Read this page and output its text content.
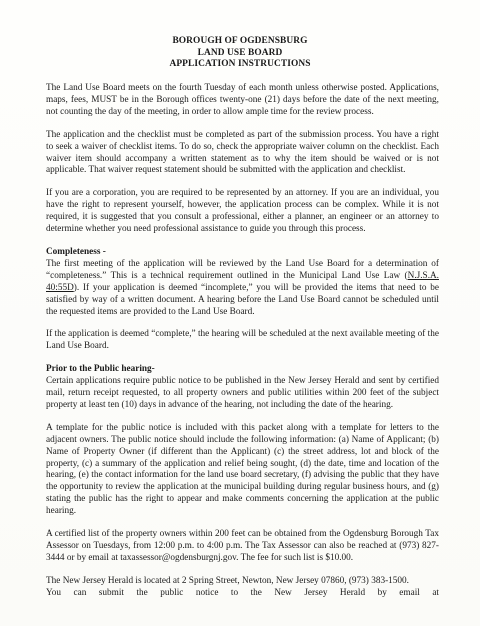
BOROUGH OF OGDENSBURG
LAND USE BOARD
APPLICATION INSTRUCTIONS

The Land Use Board meets on the fourth Tuesday of each month unless otherwise posted. Applications, maps, fees, MUST be in the Borough offices twenty-one (21) days before the date of the next meeting, not counting the day of the meeting, in order to allow ample time for the review process.

The application and the checklist must be completed as part of the submission process. You have a right to seek a waiver of checklist items. To do so, check the appropriate waiver column on the checklist. Each waiver item should accompany a written statement as to why the item should be waived or is not applicable. That waiver request statement should be submitted with the application and checklist.

If you are a corporation, you are required to be represented by an attorney. If you are an individual, you have the right to represent yourself, however, the application process can be complex. While it is not required, it is suggested that you consult a professional, either a planner, an engineer or an attorney to determine whether you need professional assistance to guide you through this process.

Completeness -

The first meeting of the application will be reviewed by the Land Use Board for a determination of “completeness.” This is a technical requirement outlined in the Municipal Land Use Law (N.J.S.A. 40:55D). If your application is deemed “incomplete,” you will be provided the items that need to be satisfied by way of a written document. A hearing before the Land Use Board cannot be scheduled until the requested items are provided to the Land Use Board.

If the application is deemed “complete,” the hearing will be scheduled at the next available meeting of the Land Use Board.

Prior to the Public hearing-

Certain applications require public notice to be published in the New Jersey Herald and sent by certified mail, return receipt requested, to all property owners and public utilities within 200 feet of the subject property at least ten (10) days in advance of the hearing, not including the date of the hearing.

A template for the public notice is included with this packet along with a template for letters to the adjacent owners. The public notice should include the following information: (a) Name of Applicant; (b) Name of Property Owner (if different than the Applicant) (c) the street address, lot and block of the property, (c) a summary of the application and relief being sought, (d) the date, time and location of the hearing, (e) the contact information for the land use board secretary, (f) advising the public that they have the opportunity to review the application at the municipal building during regular business hours, and (g) stating the public has the right to appear and make comments concerning the application at the public hearing.

A certified list of the property owners within 200 feet can be obtained from the Ogdensburg Borough Tax Assessor on Tuesdays, from 12:00 p.m. to 4:00 p.m. The Tax Assessor can also be reached at (973) 827-3444 or by email at taxassessor@ogdensburgnj.gov. The fee for such list is $10.00.

The New Jersey Herald is located at 2 Spring Street, Newton, New Jersey 07860, (973) 383-1500.
You can submit the public notice to the New Jersey Herald by email at
